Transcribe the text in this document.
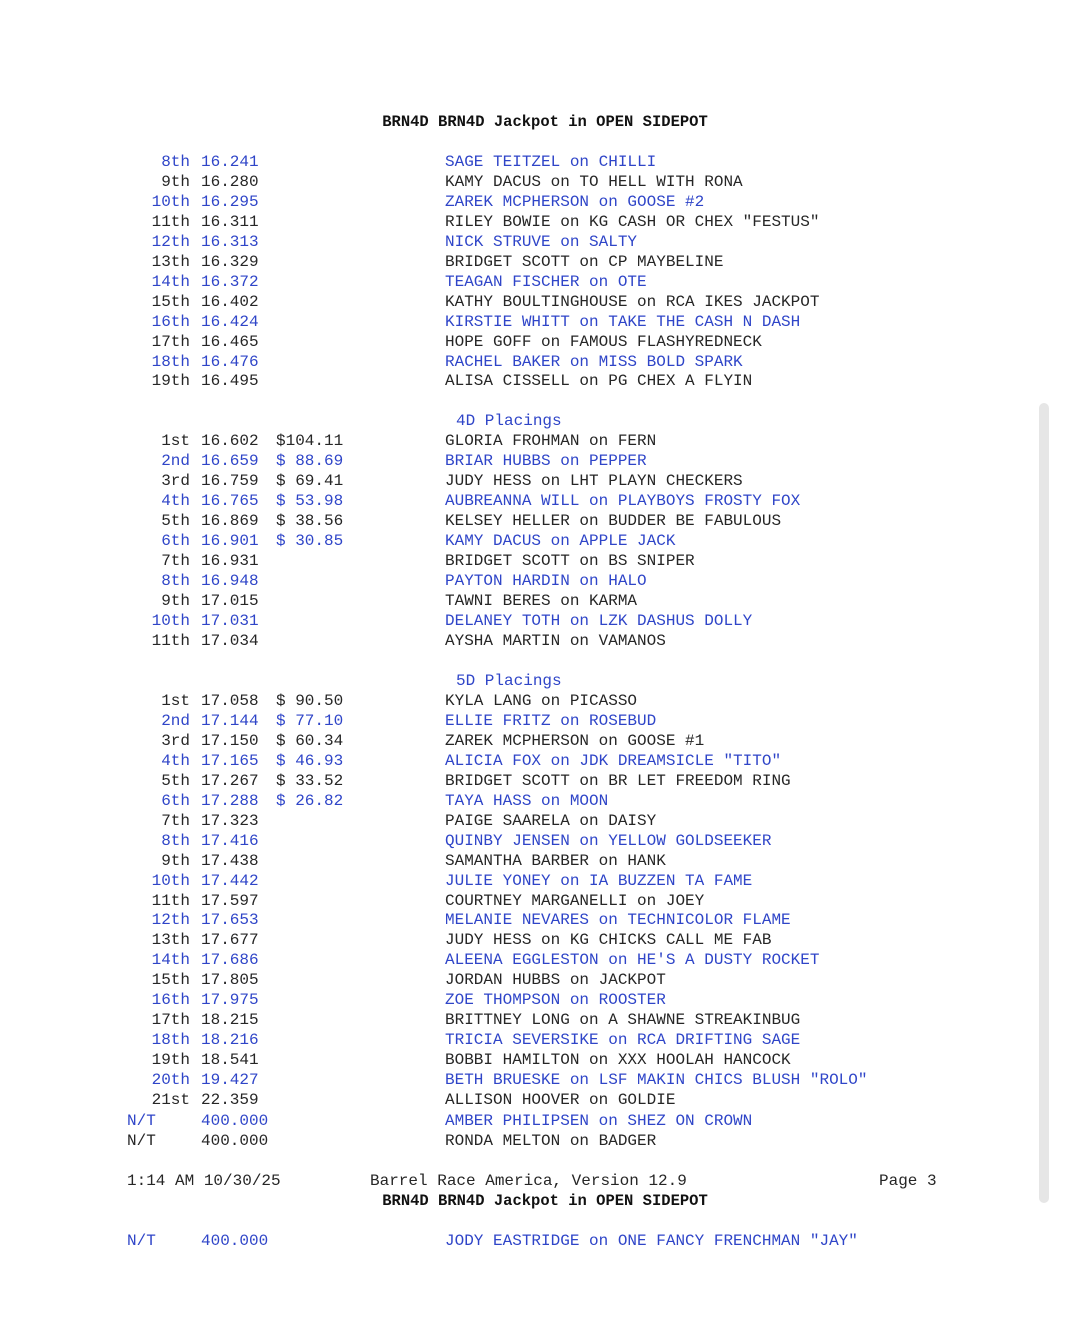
BRN4D BRN4D Jackpot in OPEN SIDEPOT
8th 16.241	SAGE TEITZEL on CHILLI
9th 16.280	KAMY DACUS on TO HELL WITH RONA
10th 16.295	ZAREK MCPHERSON on GOOSE #2
11th 16.311	RILEY BOWIE on KG CASH OR CHEX "FESTUS"
12th 16.313	NICK STRUVE on SALTY
13th 16.329	BRIDGET SCOTT on CP MAYBELINE
14th 16.372	TEAGAN FISCHER on OTE
15th 16.402	KATHY BOULTINGHOUSE on RCA IKES JACKPOT
16th 16.424	KIRSTIE WHITT on TAKE THE CASH N DASH
17th 16.465	HOPE GOFF on FAMOUS FLASHYREDNECK
18th 16.476	RACHEL BAKER on MISS BOLD SPARK
19th 16.495	ALISA CISSELL on PG CHEX A FLYIN
1st 16.602 $104.11	GLORIA FROHMAN on FERN
2nd 16.659 $ 88.69	BRIAR HUBBS on PEPPER
3rd 16.759 $ 69.41	JUDY HESS on LHT PLAYN CHECKERS
4th 16.765 $ 53.98	AUBREANNA WILL on PLAYBOYS FROSTY FOX
5th 16.869 $ 38.56	KELSEY HELLER on BUDDER BE FABULOUS
6th 16.901 $ 30.85	KAMY DACUS on APPLE JACK
7th 16.931	BRIDGET SCOTT on BS SNIPER
8th 16.948	PAYTON HARDIN on HALO
9th 17.015	TAWNI BERES on KARMA
10th 17.031	DELANEY TOTH on LZK DASHUS DOLLY
11th 17.034	AYSHA MARTIN on VAMANOS
1st 17.058 $ 90.50	KYLA LANG on PICASSO
2nd 17.144 $ 77.10	ELLIE FRITZ on ROSEBUD
3rd 17.150 $ 60.34	ZAREK MCPHERSON on GOOSE #1
4th 17.165 $ 46.93	ALICIA FOX on JDK DREAMSICLE "TITO"
5th 17.267 $ 33.52	BRIDGET SCOTT on BR LET FREEDOM RING
6th 17.288 $ 26.82	TAYA HASS on MOON
7th 17.323	PAIGE SAARELA on DAISY
8th 17.416	QUINBY JENSEN on YELLOW GOLDSEEKER
9th 17.438	SAMANTHA BARBER on HANK
10th 17.442	JULIE YONEY on IA BUZZEN TA FAME
11th 17.597	COURTNEY MARGANELLI on JOEY
12th 17.653	MELANIE NEVARES on TECHNICOLOR FLAME
13th 17.677	JUDY HESS on KG CHICKS CALL ME FAB
14th 17.686	ALEENA EGGLESTON on HE'S A DUSTY ROCKET
15th 17.805	JORDAN HUBBS on JACKPOT
16th 17.975	ZOE THOMPSON on ROOSTER
17th 18.215	BRITTNEY LONG on A SHAWNE STREAKINBUG
18th 18.216	TRICIA SEVERSIKE on RCA DRIFTING SAGE
19th 18.541	BOBBI HAMILTON on XXX HOOLAH HANCOCK
20th 19.427	BETH BRUESKE on LSF MAKIN CHICS BLUSH "ROLO"
21st 22.359	ALLISON HOOVER on GOLDIE
N/T	400.000	AMBER PHILIPSEN on SHEZ ON CROWN
N/T	400.000	RONDA MELTON on BADGER
N/T	400.000	JODY EASTRIDGE on ONE FANCY FRENCHMAN "JAY"
4D Placings
5D Placings
1:14 AM 10/30/25	Barrel Race America, Version 12.9	Page 3
BRN4D BRN4D Jackpot in OPEN SIDEPOT
